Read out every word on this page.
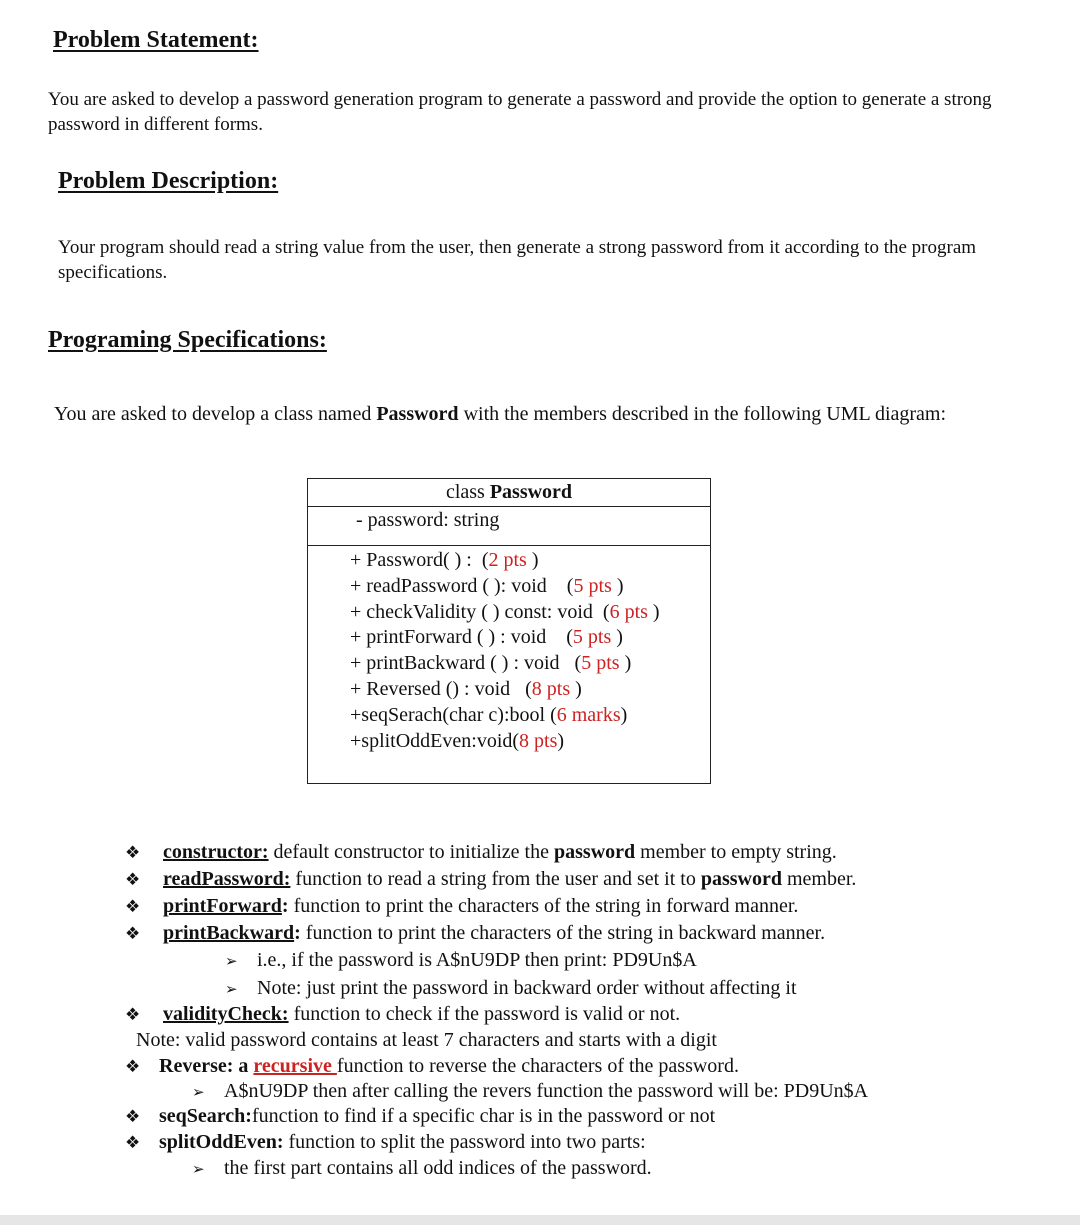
Problem Statement:
You are asked to develop a password generation program to generate a password and provide the option to generate a strong password in different forms.
Problem Description:
Your program should read a string value from the user, then generate a strong password from it according to the program specifications.
Programing Specifications:
You are asked to develop a class named Password with the members described in the following UML diagram:
class Password
- password: string
+ Password( ) :  (2 pts )
+ readPassword ( ): void    (5 pts )
+ checkValidity ( ) const: void  (6 pts )
+ printForward ( ) : void    (5 pts )
+ printBackward ( ) : void   (5 pts )
+ Reversed () : void   (8 pts )
+seqSerach(char c):bool (6 marks)
+splitOddEven:void(8 pts)
❖ constructor: default constructor to initialize the password member to empty string.
❖ readPassword: function to read a string from the user and set it to password member.
❖ printForward: function to print the characters of the string in forward manner.
❖ printBackward: function to print the characters of the string in backward manner.
➢ i.e., if the password is A$nU9DP then print: PD9Un$A
➢ Note: just print the password in backward order without affecting it
❖ validityCheck: function to check if the password is valid or not.
Note: valid password contains at least 7 characters and starts with a digit
❖ Reverse: a recursive function to reverse the characters of the password.
➢ A$nU9DP then after calling the revers function the password will be: PD9Un$A
❖ seqSearch:function to find if a specific char is in the password or not
❖ splitOddEven: function to split the password into two parts:
➢ the first part contains all odd indices of the password.
